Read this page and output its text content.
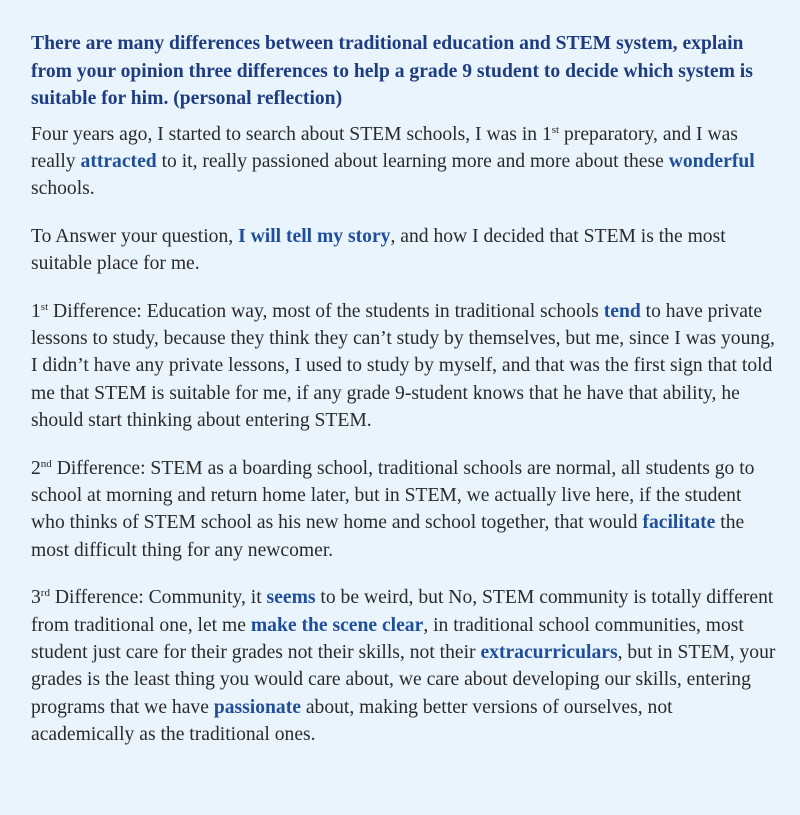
There are many differences between traditional education and STEM system, explain from your opinion three differences to help a grade 9 student to decide which system is suitable for him. (personal reflection)

Four years ago, I started to search about STEM schools, I was in 1st preparatory, and I was really attracted to it, really passioned about learning more and more about these wonderful schools.

To Answer your question, I will tell my story, and how I decided that STEM is the most suitable place for me.

1st Difference: Education way, most of the students in traditional schools tend to have private lessons to study, because they think they can’t study by themselves, but me, since I was young, I didn’t have any private lessons, I used to study by myself, and that was the first sign that told me that STEM is suitable for me, if any grade 9-student knows that he have that ability, he should start thinking about entering STEM.

2nd Difference: STEM as a boarding school, traditional schools are normal, all students go to school at morning and return home later, but in STEM, we actually live here, if the student who thinks of STEM school as his new home and school together, that would facilitate the most difficult thing for any newcomer.

3rd Difference: Community, it seems to be weird, but No, STEM community is totally different from traditional one, let me make the scene clear, in traditional school communities, most student just care for their grades not their skills, not their extracurriculars, but in STEM, your grades is the least thing you would care about, we care about developing our skills, entering programs that we have passionate about, making better versions of ourselves, not academically as the traditional ones.
